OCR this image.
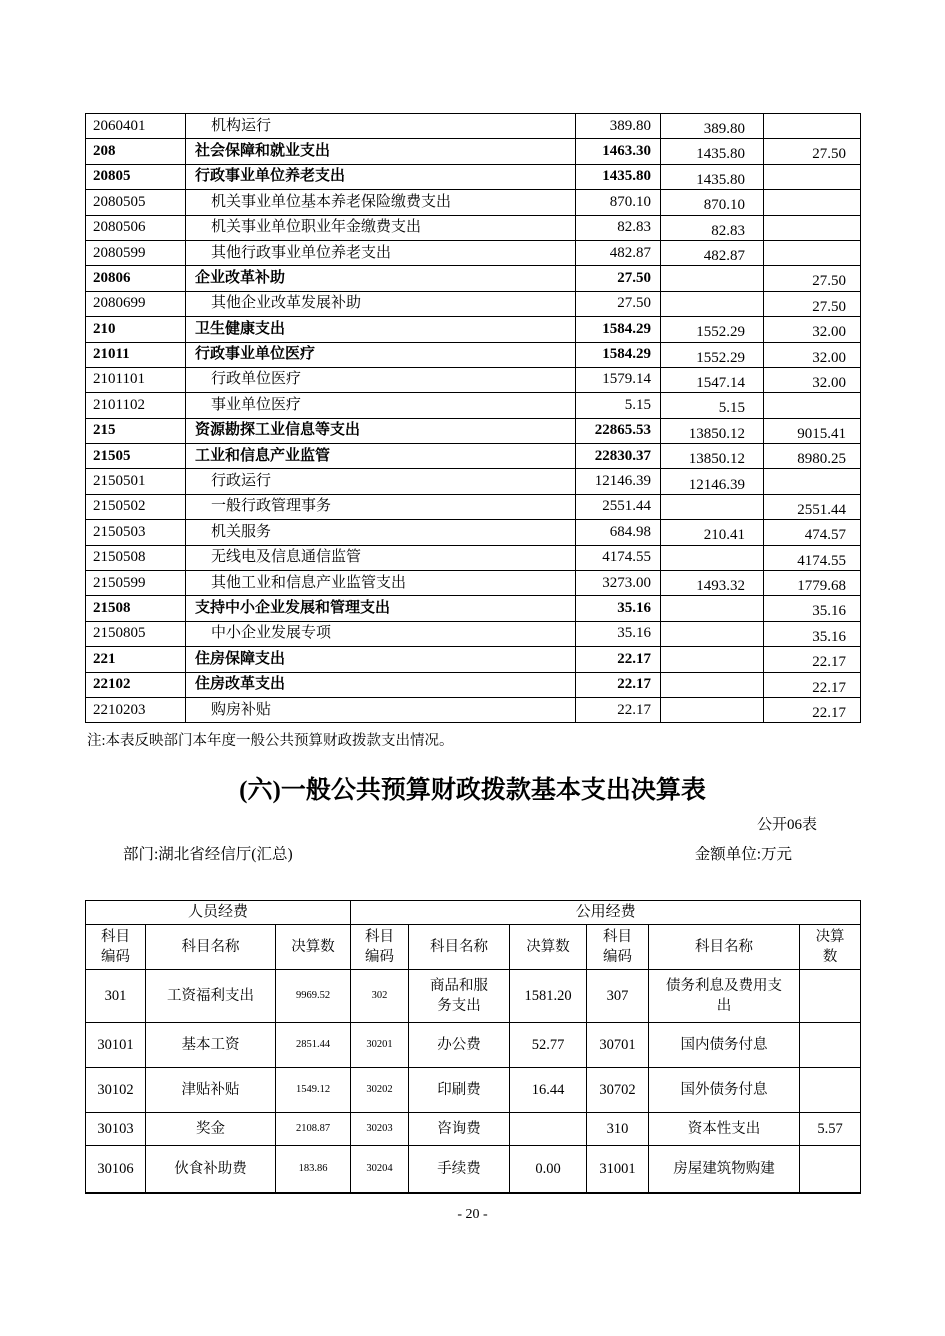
2060401	机构运行	389.80	389.80	
208	社会保障和就业支出	1463.30	1435.80	27.50
20805	行政事业单位养老支出	1435.80	1435.80	
2080505	机关事业单位基本养老保险缴费支出	870.10	870.10	
2080506	机关事业单位职业年金缴费支出	82.83	82.83	
2080599	其他行政事业单位养老支出	482.87	482.87	
20806	企业改革补助	27.50		27.50
2080699	其他企业改革发展补助	27.50		27.50
210	卫生健康支出	1584.29	1552.29	32.00
21011	行政事业单位医疗	1584.29	1552.29	32.00
2101101	行政单位医疗	1579.14	1547.14	32.00
2101102	事业单位医疗	5.15	5.15	
215	资源勘探工业信息等支出	22865.53	13850.12	9015.41
21505	工业和信息产业监管	22830.37	13850.12	8980.25
2150501	行政运行	12146.39	12146.39	
2150502	一般行政管理事务	2551.44		2551.44
2150503	机关服务	684.98	210.41	474.57
2150508	无线电及信息通信监管	4174.55		4174.55
2150599	其他工业和信息产业监管支出	3273.00	1493.32	1779.68
21508	支持中小企业发展和管理支出	35.16		35.16
2150805	中小企业发展专项	35.16		35.16
221	住房保障支出	22.17		22.17
22102	住房改革支出	22.17		22.17
2210203	购房补贴	22.17		22.17
注:本表反映部门本年度一般公共预算财政拨款支出情况。
(六)一般公共预算财政拨款基本支出决算表
公开06表
部门:湖北省经信厅(汇总)	金额单位:万元
人员经费			公用经费					
科目编码	科目名称	决算数	科目编码	科目名称	决算数	科目编码	科目名称	决算数
301	工资福利支出	9969.52	302	商品和服务支出	1581.20	307	债务利息及费用支出	
30101	基本工资	2851.44	30201	办公费	52.77	30701	国内债务付息	
30102	津贴补贴	1549.12	30202	印刷费	16.44	30702	国外债务付息	
30103	奖金	2108.87	30203	咨询费		310	资本性支出	5.57
30106	伙食补助费	183.86	30204	手续费	0.00	31001	房屋建筑物购建	
- 20 -
